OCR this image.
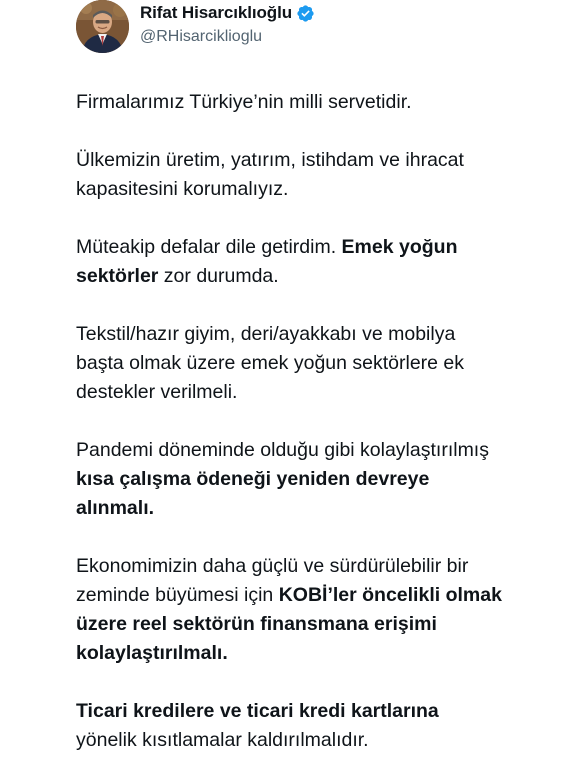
Rifat Hisarcıklıoğlu
@RHisarciklioglu
Firmalarımız Türkiye’nin milli servetidir.
Ülkemizin üretim, yatırım, istihdam ve ihracat
kapasitesini korumalıyız.
Müteakip defalar dile getirdim. Emek yoğun
sektörler zor durumda.
Tekstil/hazır giyim, deri/ayakkabı ve mobilya
başta olmak üzere emek yoğun sektörlere ek
destekler verilmeli.
Pandemi döneminde olduğu gibi kolaylaştırılmış
kısa çalışma ödeneği yeniden devreye
alınmalı.
Ekonomimizin daha güçlü ve sürdürülebilir bir
zeminde büyümesi için KOBİ’ler öncelikli olmak
üzere reel sektörün finansmana erişimi
kolaylaştırılmalı.
Ticari kredilere ve ticari kredi kartlarına
yönelik kısıtlamalar kaldırılmalıdır.
